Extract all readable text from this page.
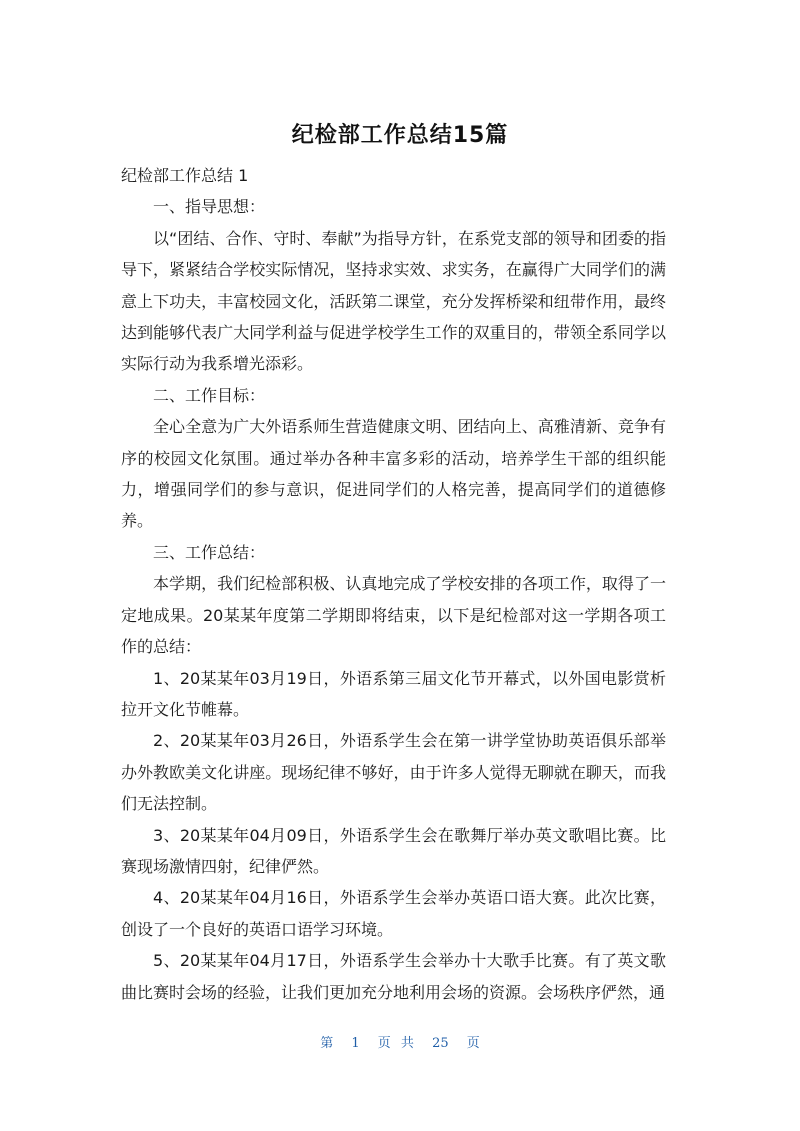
纪检部工作总结15篇

纪检部工作总结 1

一、指导思想：

以“团结、合作、守时、奉献”为指导方针，在系党支部的领导和团委的指导下，紧紧结合学校实际情况，坚持求实效、求实务，在赢得广大同学们的满意上下功夫，丰富校园文化，活跃第二课堂，充分发挥桥梁和纽带作用，最终达到能够代表广大同学利益与促进学校学生工作的双重目的，带领全系同学以实际行动为我系增光添彩。

二、工作目标：

全心全意为广大外语系师生营造健康文明、团结向上、高雅清新、竞争有序的校园文化氛围。通过举办各种丰富多彩的活动，培养学生干部的组织能力，增强同学们的参与意识，促进同学们的人格完善，提高同学们的道德修养。

三、工作总结：

本学期，我们纪检部积极、认真地完成了学校安排的各项工作，取得了一定地成果。20某某年度第二学期即将结束，以下是纪检部对这一学期各项工作的总结：

1、20某某年03月19日，外语系第三届文化节开幕式，以外国电影赏析拉开文化节帷幕。

2、20某某年03月26日，外语系学生会在第一讲学堂协助英语俱乐部举办外教欧美文化讲座。现场纪律不够好，由于许多人觉得无聊就在聊天，而我们无法控制。

3、20某某年04月09日，外语系学生会在歌舞厅举办英文歌唱比赛。比赛现场激情四射，纪律俨然。

4、20某某年04月16日，外语系学生会举办英语口语大赛。此次比赛，创设了一个良好的英语口语学习环境。

5、20某某年04月17日，外语系学生会举办十大歌手比赛。有了英文歌曲比赛时会场的经验，让我们更加充分地利用会场的资源。会场秩序俨然，通

第 1 页 共 25 页
